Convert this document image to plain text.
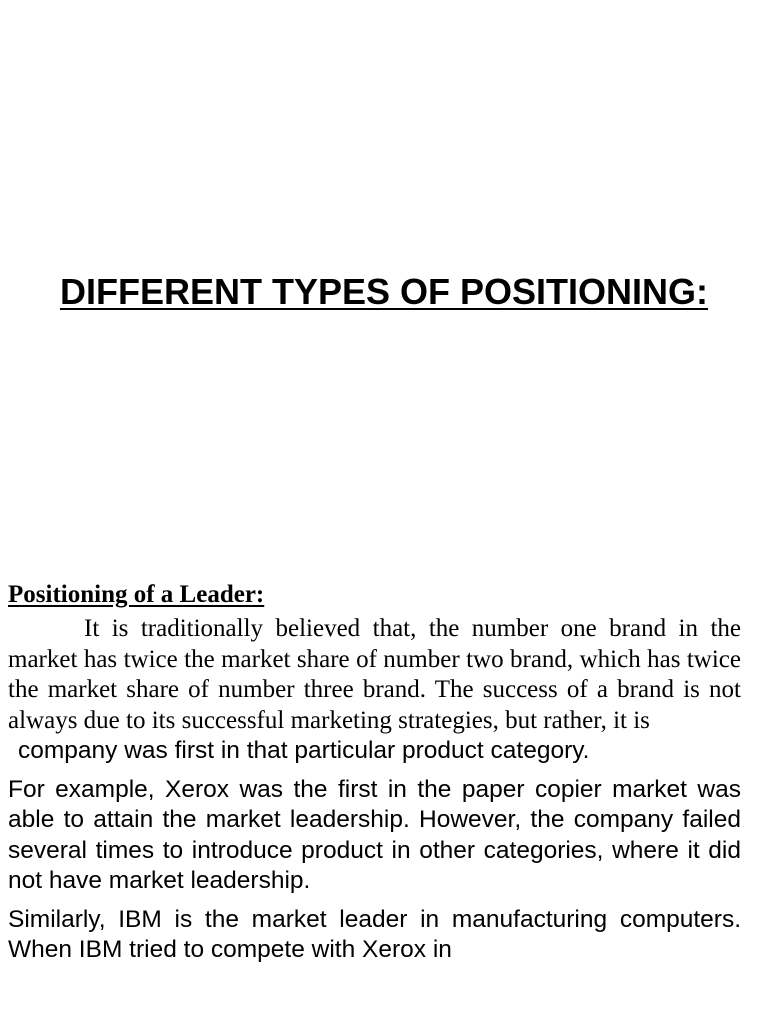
DIFFERENT TYPES OF POSITIONING:
Positioning of a Leader:

It is traditionally believed that, the number one brand in the market has twice the market share of number two brand, which has twice the market share of number three brand. The success of a brand is not always due to its successful marketing strategies, but rather, it is

company was first in that particular product category.

For example, Xerox was the first in the paper copier market was able to attain the market leadership. However, the company failed several times to introduce product in other categories, where it did not have market leadership.

Similarly, IBM is the market leader in manufacturing computers. When IBM tried to compete with Xerox in
